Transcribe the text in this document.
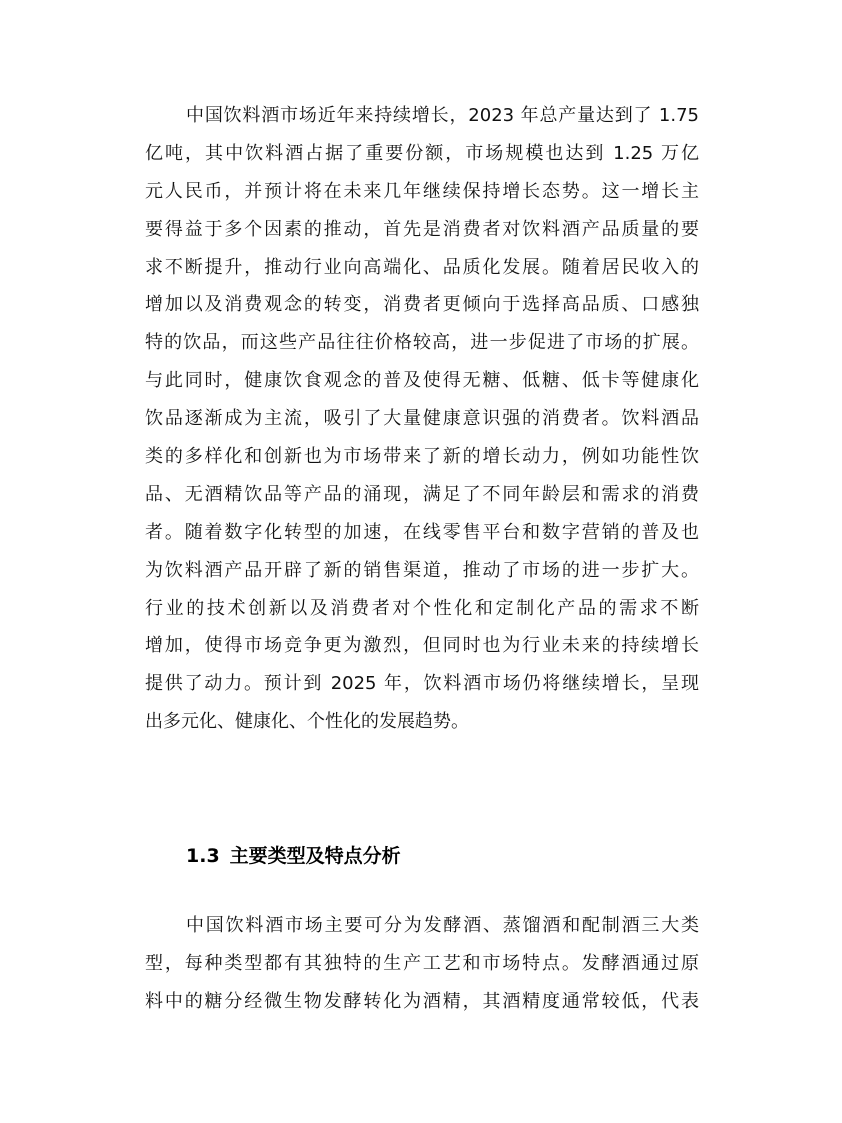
中国饮料酒市场近年来持续增长，2023 年总产量达到了 1.75
亿吨，其中饮料酒占据了重要份额，市场规模也达到 1.25 万亿
元人民币，并预计将在未来几年继续保持增长态势。这一增长主
要得益于多个因素的推动，首先是消费者对饮料酒产品质量的要
求不断提升，推动行业向高端化、品质化发展。随着居民收入的
增加以及消费观念的转变，消费者更倾向于选择高品质、口感独
特的饮品，而这些产品往往价格较高，进一步促进了市场的扩展。
与此同时，健康饮食观念的普及使得无糖、低糖、低卡等健康化
饮品逐渐成为主流，吸引了大量健康意识强的消费者。饮料酒品
类的多样化和创新也为市场带来了新的增长动力，例如功能性饮
品、无酒精饮品等产品的涌现，满足了不同年龄层和需求的消费
者。随着数字化转型的加速，在线零售平台和数字营销的普及也
为饮料酒产品开辟了新的销售渠道，推动了市场的进一步扩大。
行业的技术创新以及消费者对个性化和定制化产品的需求不断
增加，使得市场竞争更为激烈，但同时也为行业未来的持续增长
提供了动力。预计到 2025 年，饮料酒市场仍将继续增长，呈现
出多元化、健康化、个性化的发展趋势。
1.3 主要类型及特点分析
中国饮料酒市场主要可分为发酵酒、蒸馏酒和配制酒三大类
型，每种类型都有其独特的生产工艺和市场特点。发酵酒通过原
料中的糖分经微生物发酵转化为酒精，其酒精度通常较低，代表
